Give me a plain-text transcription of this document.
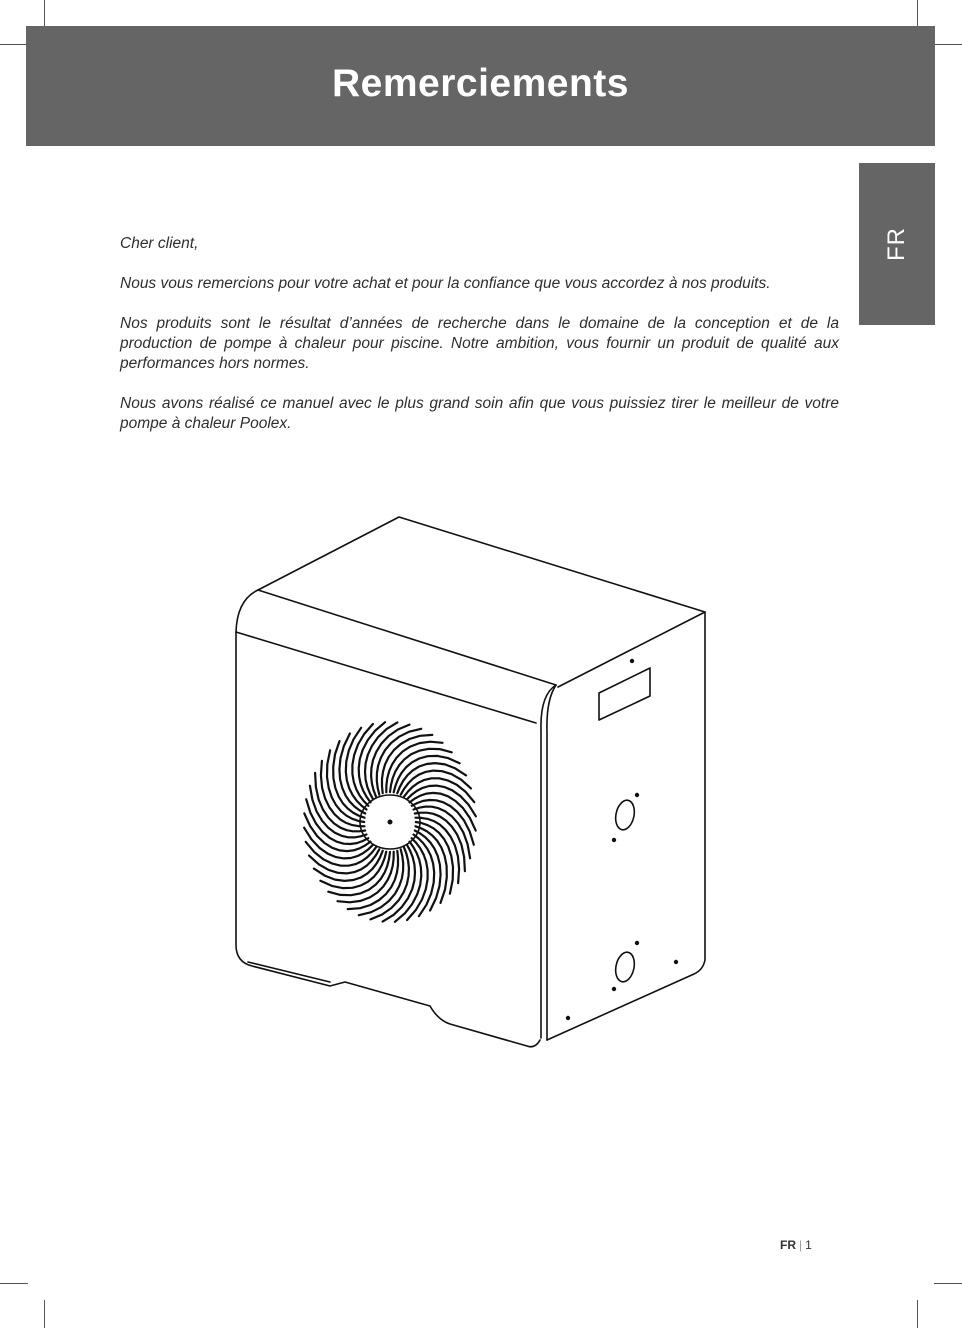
Remerciements
FR

Cher client,

Nous vous remercions pour votre achat et pour la confiance que vous accordez à nos produits.

Nos produits sont le résultat d’années de recherche dans le domaine de la conception et de la production de pompe à chaleur pour piscine. Notre ambition, vous fournir un produit de qualité aux performances hors normes.

Nous avons réalisé ce manuel avec le plus grand soin afin que vous puissiez tirer le meilleur de votre pompe à chaleur Poolex.

FR | 1
